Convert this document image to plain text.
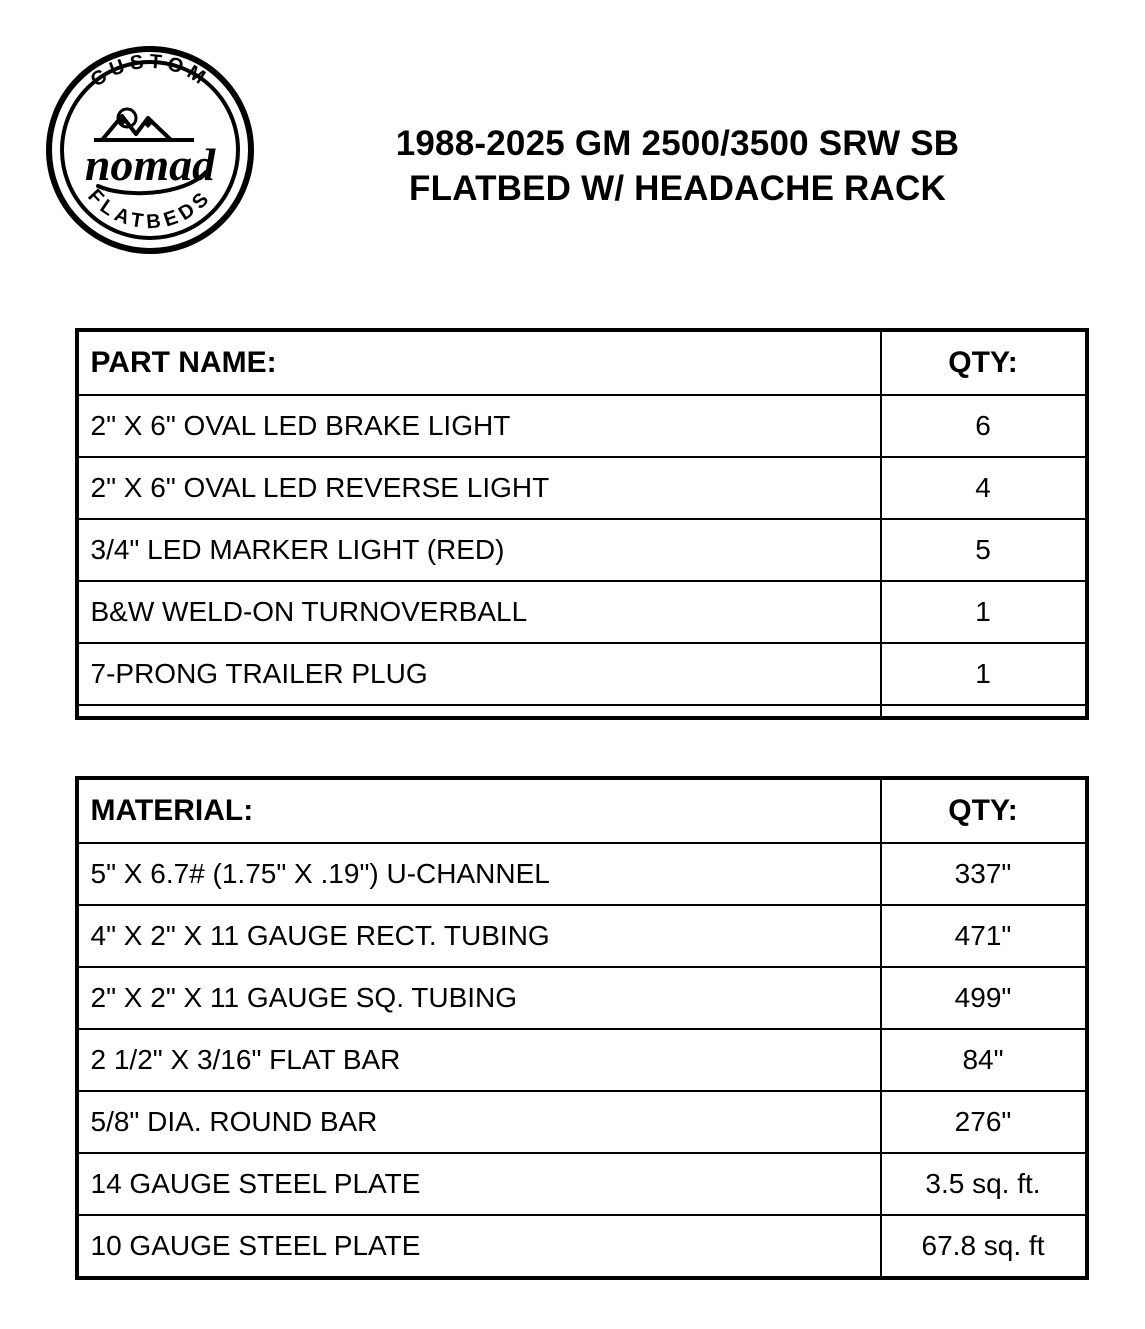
CUSTOM
FLATBEDS
nomad	1988-2025 GM 2500/3500 SRW SB
FLATBED W/ HEADACHE RACK
PART NAME:	QTY:
2" X 6" OVAL LED BRAKE LIGHT	6
2" X 6" OVAL LED REVERSE LIGHT	4
3/4" LED MARKER LIGHT (RED)	5
B&W WELD-ON TURNOVERBALL	1
7-PRONG TRAILER PLUG	1

MATERIAL:	QTY:
5" X 6.7# (1.75" X .19") U-CHANNEL	337"
4" X 2" X 11 GAUGE RECT. TUBING	471"
2" X 2" X 11 GAUGE SQ. TUBING	499"
2 1/2" X 3/16" FLAT BAR	84"
5/8" DIA. ROUND BAR	276"
14 GAUGE STEEL PLATE	3.5 sq. ft.
10 GAUGE STEEL PLATE	67.8 sq. ft
